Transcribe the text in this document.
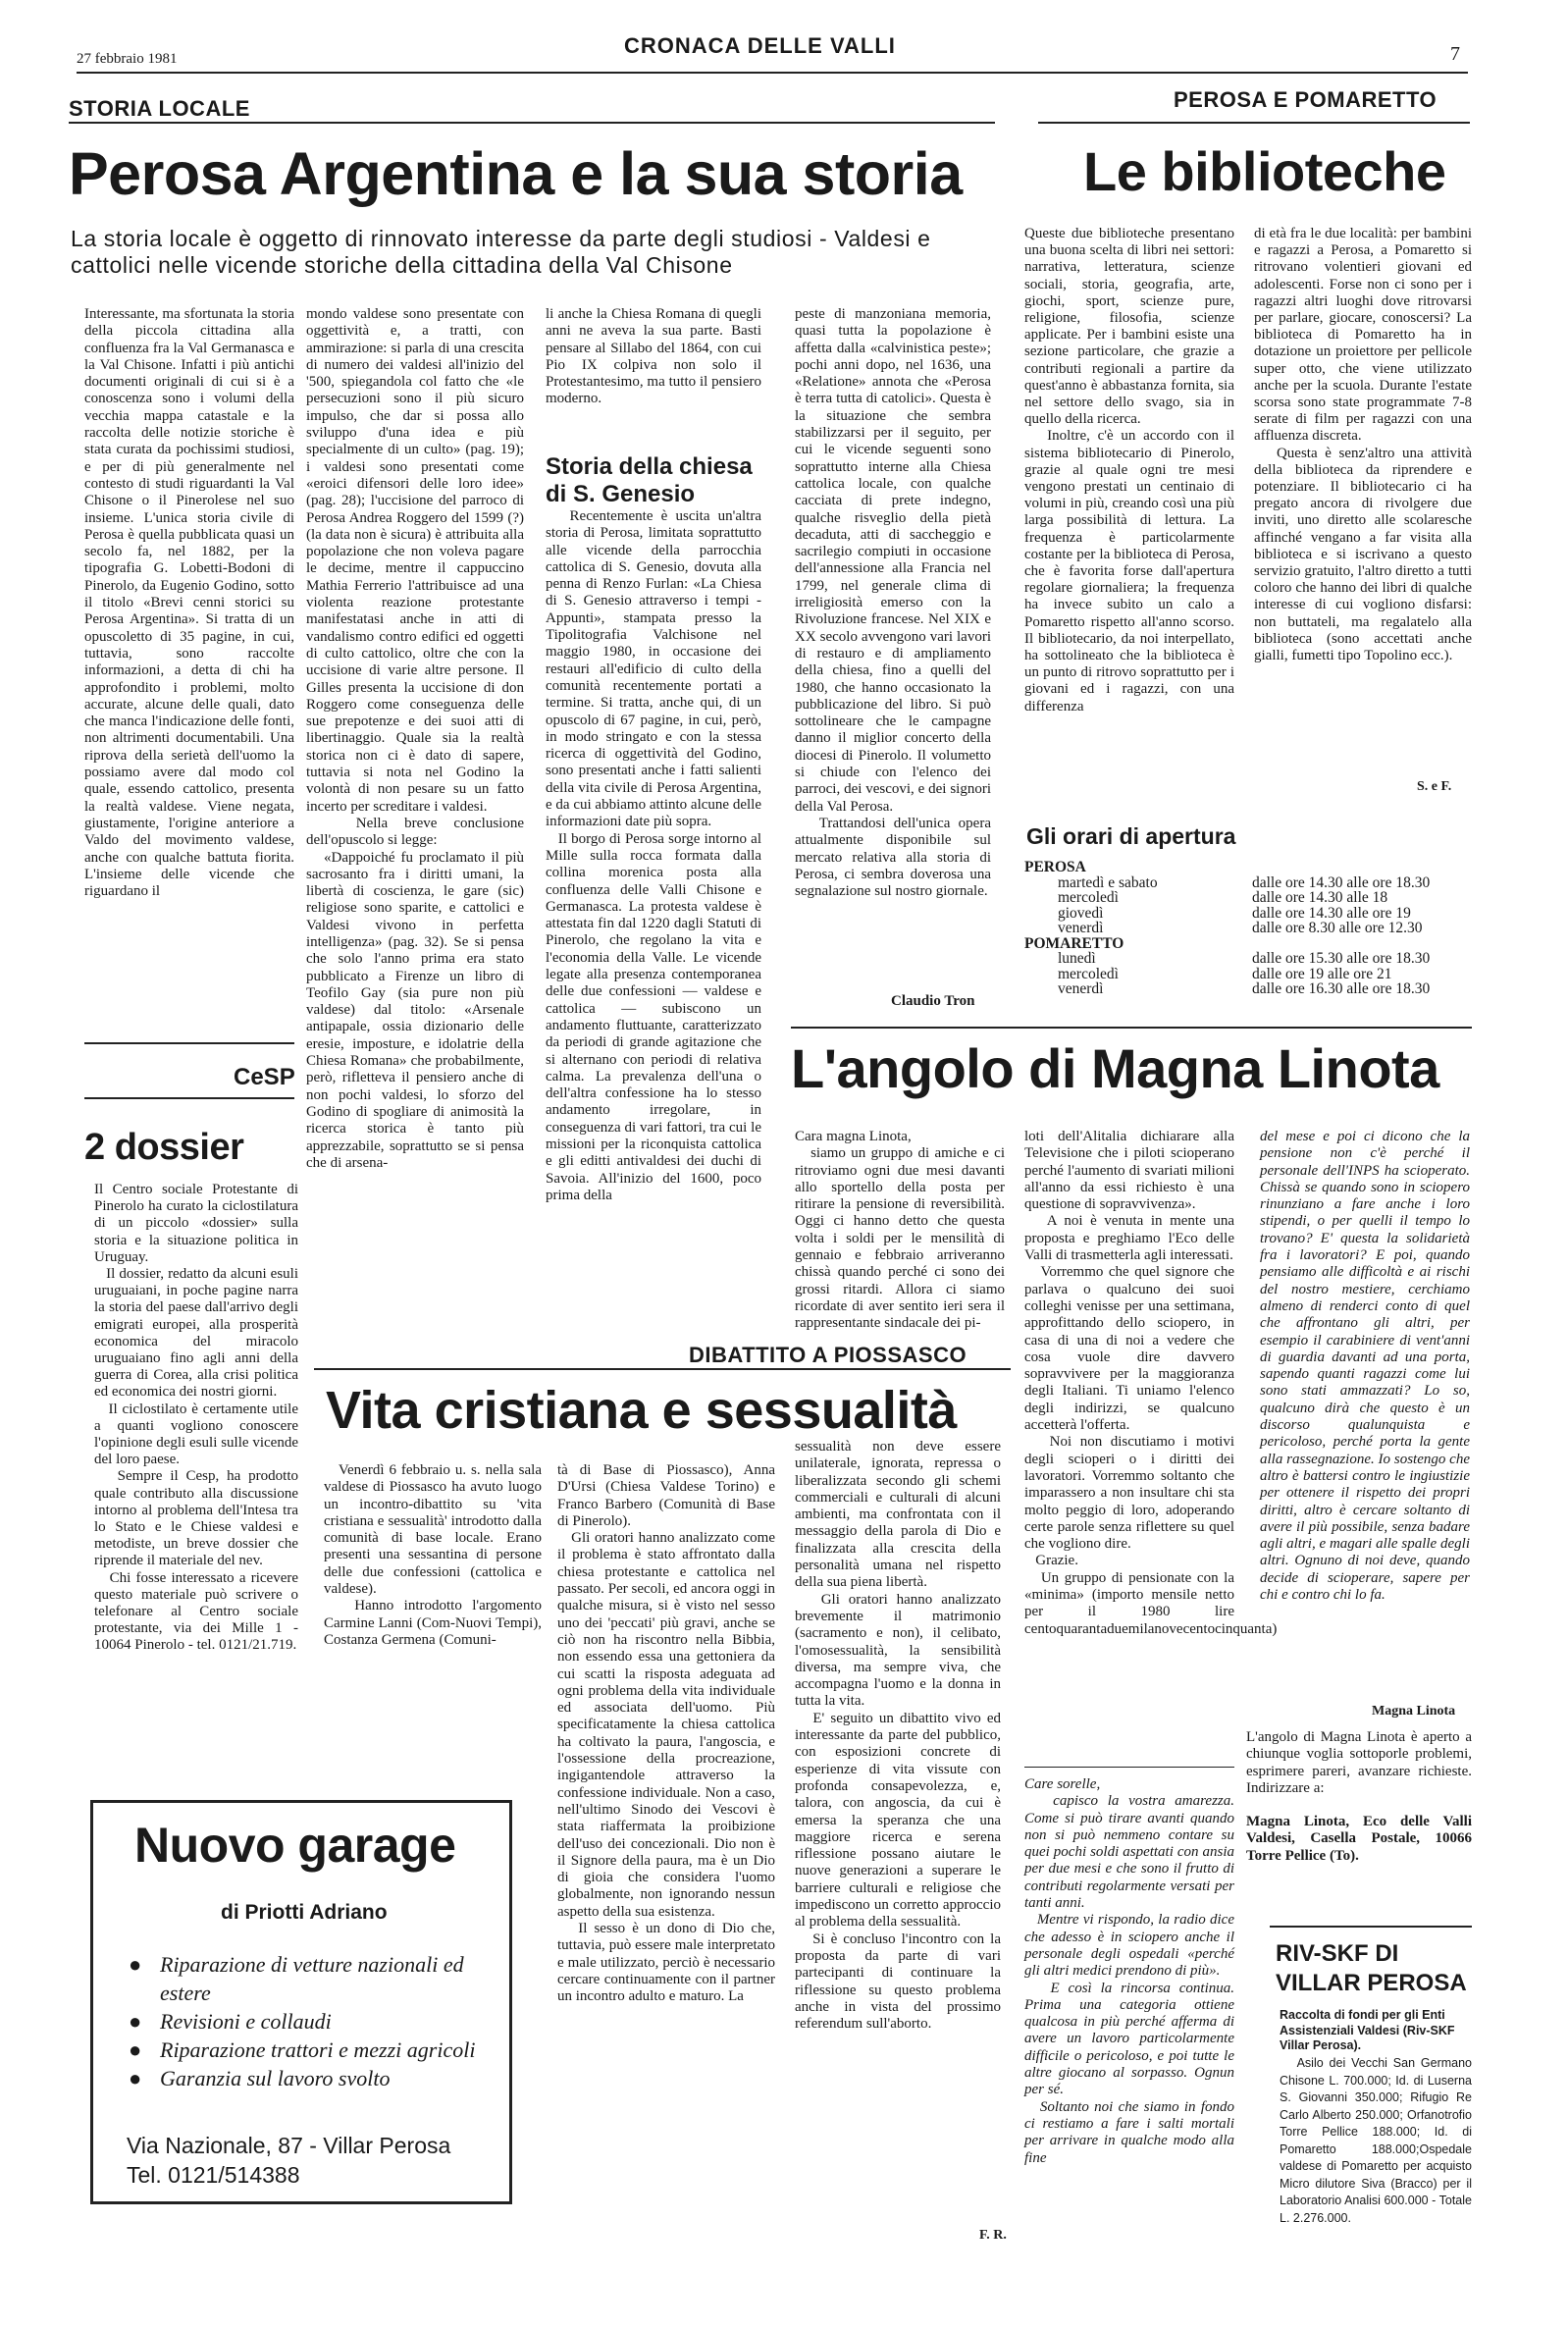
27 febbraio 1981
CRONACA DELLE VALLI	7
STORIA LOCALE	PEROSA E POMARETTO
Perosa Argentina e la sua storia
La storia locale è oggetto di rinnovato interesse da parte degli studiosi - Valdesi e cattolici nelle vicende storiche della cittadina della Val Chisone
Interessante, ma sfortunata la storia della piccola cittadina alla confluenza fra la Val Germanasca e la Val Chisone. Infatti i più antichi documenti originali di cui si è a conoscenza sono i volumi della vecchia mappa catastale e la raccolta delle notizie storiche è stata curata da pochissimi studiosi, e per di più generalmente nel contesto di studi riguardanti la Val Chisone o il Pinerolese nel suo insieme. L'unica storia civile di Perosa è quella pubblicata quasi un secolo fa, nel 1882, per la tipografia G. Lobetti-Bodoni di Pinerolo, da Eugenio Godino, sotto il titolo «Brevi cenni storici su Perosa Argentina». Si tratta di un opuscoletto di 35 pagine, in cui, tuttavia, sono raccolte informazioni, a detta di chi ha approfondito i problemi, molto accurate, alcune delle quali, dato che manca l'indicazione delle fonti, non altrimenti documentabili. Una riprova della serietà dell'uomo la possiamo avere dal modo col quale, essendo cattolico, presenta la realtà valdese. Viene negata, giustamente, l'origine anteriore a Valdo del movimento valdese, anche con qualche battuta fiorita. L'insieme delle vicende che riguardano il
mondo valdese sono presentate con oggettività e, a tratti, con ammirazione: si parla di una crescita di numero dei valdesi all'inizio del '500, spiegandola col fatto che «le persecuzioni sono il più sicuro impulso, che dar si possa allo sviluppo d'una idea e più specialmente di un culto» (pag. 19); i valdesi sono presentati come «eroici difensori delle loro idee» (pag. 28); l'uccisione del parroco di Perosa Andrea Roggero del 1599 (?) (la data non è sicura) è attribuita alla popolazione che non voleva pagare le decime, mentre il cappuccino Mathia Ferrerio l'attribuisce ad una violenta reazione protestante manifestatasi anche in atti di vandalismo contro edifici ed oggetti di culto cattolico, oltre che con la uccisione di varie altre persone. Il Gilles presenta la uccisione di don Roggero come conseguenza delle sue prepotenze e dei suoi atti di libertinaggio. Quale sia la realtà storica non ci è dato di sapere, tuttavia si nota nel Godino la volontà di non pesare su un fatto incerto per screditare i valdesi.
Nella breve conclusione dell'opuscolo si legge:
«Dappoiché fu proclamato il più sacrosanto fra i diritti umani, la libertà di coscienza, le gare (sic) religiose sono sparite, e cattolici e Valdesi vivono in perfetta intelligenza» (pag. 32). Se si pensa che solo l'anno prima era stato pubblicato a Firenze un libro di Teofilo Gay (sia pure non più valdese) dal titolo: «Arsenale antipapale, ossia dizionario delle eresie, imposture, e idolatrie della Chiesa Romana» che probabilmente, però, rifletteva il pensiero anche di non pochi valdesi, lo sforzo del Godino di spogliare di animosità la ricerca storica è tanto più apprezzabile, soprattutto se si pensa che di arsena-
li anche la Chiesa Romana di quegli anni ne aveva la sua parte. Basti pensare al Sillabo del 1864, con cui Pio IX colpiva non solo il Protestantesimo, ma tutto il pensiero moderno.
Storia della chiesa di S. Genesio
Recentemente è uscita un'altra storia di Perosa, limitata soprattutto alle vicende della parrocchia cattolica di S. Genesio, dovuta alla penna di Renzo Furlan: «La Chiesa di S. Genesio attraverso i tempi - Appunti», stampata presso la Tipolitografia Valchisone nel maggio 1980, in occasione dei restauri all'edificio di culto della comunità recentemente portati a termine. Si tratta, anche qui, di un opuscolo di 67 pagine, in cui, però, in modo stringato e con la stessa ricerca di oggettività del Godino, sono presentati anche i fatti salienti della vita civile di Perosa Argentina, e da cui abbiamo attinto alcune delle informazioni date più sopra.
Il borgo di Perosa sorge intorno al Mille sulla rocca formata dalla collina morenica posta alla confluenza delle Valli Chisone e Germanasca. La protestа valdese è attestata fin dal 1220 dagli Statuti di Pinerolo, che regolano la vita e l'economia della Valle. Le vicende legate alla presenza contemporanea delle due confessioni — valdese e cattolica — subiscono un andamento fluttuante, caratterizzato da periodi di grande agitazione che si alternano con periodi di relativa calma. La prevalenza dell'una o dell'altra confessione ha lo stesso andamento irregolare, in conseguenza di vari fattori, tra cui le missioni per la riconquista cattolica e gli editti antivaldesi dei duchi di Savoia. All'inizio del 1600, poco prima della
peste di manzoniana memoria, quasi tutta la popolazione è affetta dalla «calvinistica peste»; pochi anni dopo, nel 1636, una «Relatione» annota che «Perosa è terra tutta di catolici». Questa è la situazione che sembra stabilizzarsi per il seguito, per cui le vicende seguenti sono soprattutto interne alla Chiesa cattolica locale, con qualche cacciata di prete indegno, qualche risveglio della pietà decaduta, atti di saccheggio e sacrilegio compiuti in occasione dell'annessione alla Francia nel 1799, nel generale clima di irreligiosità emerso con la Rivoluzione francese. Nel XIX e XX secolo avvengono vari lavori di restauro e di ampliamento della chiesa, fino a quelli del 1980, che hanno occasionato la pubblicazione del libro. Si può sottolineare che le campagne danno il miglior concerto della diocesi di Pinerolo. Il volumetto si chiude con l'elenco dei parroci, dei vescovi, e dei signori della Val Perosa.
Trattandosi dell'unica opera attualmente disponibile sul mercato relativa alla storia di Perosa, ci sembra doverosa una segnalazione sul nostro giornale.
Claudio Tron
Le biblioteche
Queste due biblioteche presentano una buona scelta di libri nei settori: narrativa, letteratura, scienze sociali, storia, geografia, arte, giochi, sport, scienze pure, religione, filosofia, scienze applicate. Per i bambini esiste una sezione particolare, che grazie a contributi regionali a partire da quest'anno è abbastanza fornita, sia nel settore dello svago, sia in quello della ricerca.
Inoltre, c'è un accordo con il sistema bibliotecario di Pinerolo, grazie al quale ogni tre mesi vengono prestati un centinaio di volumi in più, creando così una più larga possibilità di lettura. La frequenza è particolarmente costante per la biblioteca di Perosa, che è favorita forse dall'apertura regolare giornaliera; la frequenza ha invece subito un calo a Pomaretto rispetto all'anno scorso. Il bibliotecario, da noi interpellato, ha sottolineato che la biblioteca è un punto di ritrovo soprattutto per i giovani ed i ragazzi, con una differenza
di età fra le due località: per bambini e ragazzi a Perosa, a Pomaretto si ritrovano volentieri giovani ed adolescenti. Forse non ci sono per i ragazzi altri luoghi dove ritrovarsi per parlare, giocare, conoscersi? La biblioteca di Pomaretto ha in dotazione un proiettore per pellicole super otto, che viene utilizzato anche per la scuola. Durante l'estate scorsa sono state programmate 7-8 serate di film per ragazzi con una affluenza discreta.
Questa è senz'altro una attività della biblioteca da riprendere e potenziare. Il bibliotecario ci ha pregato ancora di rivolgere due inviti, uno diretto alle scolaresche affinché vengano a far visita alla biblioteca e si iscrivano a questo servizio gratuito, l'altro diretto a tutti coloro che hanno dei libri di qualche interesse di cui vogliono disfarsi: non buttateli, ma regalatelo alla biblioteca (sono accettati anche gialli, fumetti tipo Topolino ecc.).
S. e F.
Gli orari di apertura
PEROSA
martedì e sabato	dalle ore 14.30 alle ore 18.30
mercoledì	dalle ore 14.30 alle 18
giovedì	dalle ore 14.30 alle ore 19
venerdì	dalle ore 8.30 alle ore 12.30
POMARETTO
lunedì	dalle ore 15.30 alle ore 18.30
mercoledì	dalle ore 19 alle ore 21
venerdì	dalle ore 16.30 alle ore 18.30
CeSP
2 dossier
Il Centro sociale Protestante di Pinerolo ha curato la ciclostilatura di un piccolo «dossier» sulla storia e la situazione politica in Uruguay.
Il dossier, redatto da alcuni esuli uruguaiani, in poche pagine narra la storia del paese dall'arrivo degli emigrati europei, alla prosperità economica del miracolo uruguaiano fino agli anni della guerra di Corea, alla crisi politica ed economica dei nostri giorni.
Il ciclostilato è certamente utile a quanti vogliono conoscere l'opinione degli esuli sulle vicende del loro paese.
Sempre il Cesp, ha prodotto quale contributo alla discussione intorno al problema dell'Intesa tra lo Stato e le Chiese valdesi e metodiste, un breve dossier che riprende il materiale del nev.
Chi fosse interessato a ricevere questo materiale può scrivere o telefonare al Centro sociale protestante, via dei Mille 1 - 10064 Pinerolo - tel. 0121/21.719.
Nuovo garage
di Priotti Adriano
● Riparazione di vetture nazionali ed estere
● Revisioni e collaudi
● Riparazione trattori e mezzi agricoli
● Garanzia sul lavoro svolto
Via Nazionale, 87 - Villar Perosa
Tel. 0121/514388
DIBATTITO A PIOSSASCO
Vita cristiana e sessualità
Venerdì 6 febbraio u. s. nella sala valdese di Piossasco ha avuto luogo un incontro-dibattito su 'vita cristiana e sessualità' introdotto dalla comunità di base locale. Erano presenti una sessantina di persone delle due confessioni (cattolica e valdese).
Hanno introdotto l'argomento Carmine Lanni (Com-Nuovi Tempi), Costanza Germena (Comuni-
tà di Base di Piossasco), Anna D'Ursi (Chiesa Valdese Torino) e Franco Barbero (Comunità di Base di Pinerolo).
Gli oratori hanno analizzato come il problema è stato affrontato dalla chiesa protestante e cattolica nel passato. Per secoli, ed ancora oggi in qualche misura, si è visto nel sesso uno dei 'peccati' più gravi, anche se ciò non ha riscontro nella Bibbia, non essendo essa una gettoniera da cui scatti la risposta adeguata ad ogni problema della vita individuale ed associata dell'uomo. Più specificatamente la chiesa cattolica ha coltivato la paura, l'angoscia, e l'ossessione della procreazione, ingigantendole attraverso la confessione individuale. Non a caso, nell'ultimo Sinodo dei Vescovi è stata riaffermata la proibizione dell'uso dei concezionali. Dio non è il Signore della paura, ma è un Dio di gioia che considera l'uomo globalmente, non ignorando nessun aspetto della sua esistenza.
Il sesso è un dono di Dio che, tuttavia, può essere male interpretato e male utilizzato, perciò è necessario cercare continuamente con il partner un incontro adulto e maturo. La
sessualità non deve essere unilaterale, ignorata, repressa o liberalizzata secondo gli schemi commerciali e culturali di alcuni ambienti, ma confrontata con il messaggio della parola di Dio e finalizzata alla crescita della personalità umana nel rispetto della sua piena libertà.
Gli oratori hanno analizzato brevemente il matrimonio (sacramento e non), il celibato, l'omosessualità, la sensibilità diversa, ma sempre viva, che accompagna l'uomo e la donna in tutta la vita.
E' seguito un dibattito vivo ed interessante da parte del pubblico, con esposizioni concrete di esperienze di vita vissute con profonda consapevolezza, e, talora, con angoscia, da cui è emersa la speranza che una maggiore ricerca e serena riflessione possano aiutare le nuove generazioni a superare le barriere culturali e religiose che impediscono un corretto approccio al problema della sessualità.
Si è concluso l'incontro con la proposta da parte di vari partecipanti di continuare la riflessione su questo problema anche in vista del prossimo referendum sull'aborto.
F. R.
L'angolo di Magna Linota
Cara magna Linota,
siamo un gruppo di amiche e ci ritroviamo ogni due mesi davanti allo sportello della posta per ritirare la pensione di reversibilità. Oggi ci hanno detto che questa volta i soldi per le mensilità di gennaio e febbraio arriveranno chissà quando perché ci sono dei grossi ritardi. Allora ci siamo ricordate di aver sentito ieri sera il rappresentante sindacale dei pi-
loti dell'Alitalia dichiarare alla Televisione che i piloti scioperano perché l'aumento di svariati milioni all'anno da essi richiesto è una questione di sopravvivenza».
A noi è venuta in mente una proposta e preghiamo l'Eco delle Valli di trasmetterla agli interessati.
Vorremmo che quel signore che parlava o qualcuno dei suoi colleghi venisse per una settimana, approfittando dello sciopero, in casa di una di noi a vedere che cosa vuole dire davvero sopravvivere per la maggioranza degli Italiani. Ti uniamo l'elenco degli indirizzi, se qualcuno accetterà l'offerta.
Noi non discutiamo i motivi degli scioperi o i diritti dei lavoratori. Vorremmo soltanto che imparassero a non insultare chi sta molto peggio di loro, adoperando certe parole senza riflettere su quel che vogliono dire.
Grazie.
Un gruppo di pensionate con la «minima» (importo mensile netto per il 1980 lire centoquarantaduemilanovecentocinquanta)
Care sorelle,
capisco la vostra amarezza. Come si può tirare avanti quando non si può nemmeno contare su quei pochi soldi aspettati con ansia per due mesi e che sono il frutto di contributi regolarmente versati per tanti anni.
Mentre vi rispondo, la radio dice che adesso è in sciopero anche il personale degli ospedali «perché gli altri medici prendono di più».
E così la rincorsa continua. Prima una categoria ottiene qualcosa in più perché afferma di avere un lavoro particolarmente difficile o pericoloso, e poi tutte le altre giocano al sorpasso. Ognun per sé.
Soltanto noi che siamo in fondo ci restiamo a fare i salti mortali per arrivare in qualche modo alla fine
del mese e poi ci dicono che la pensione non c'è perché il personale dell'INPS ha scioperato. Chissà se quando sono in sciopero rinunziano a fare anche i loro stipendi, o per quelli il tempo lo trovano? E' questa la solidarietà fra i lavoratori? E poi, quando pensiamo alle difficoltà e ai rischi del nostro mestiere, cerchiamo almeno di renderci conto di quel che affrontano gli altri, per esempio il carabiniere di vent'anni di guardia davanti ad una porta, sapendo quanti ragazzi come lui sono stati ammazzati? Lo so, qualcuno dirà che questo è un discorso qualunquista e pericoloso, perché porta la gente alla rassegnazione. Io sostengo che altro è battersi contro le ingiustizie per ottenere il rispetto dei propri diritti, altro è cercare soltanto di avere il più possibile, senza badare agli altri, e magari alle spalle degli altri. Ognuno di noi deve, quando decide di scioperare, sapere per chi e contro chi lo fa.
Magna Linota
L'angolo di Magna Linota è aperto a chiunque voglia sottoporle problemi, esprimere pareri, avanzare richieste. Indirizzare a:
Magna Linota, Eco delle Valli Valdesi, Casella Postale, 10066 Torre Pellice (To).
RIV-SKF DI VILLAR PEROSA
Raccolta di fondi per gli Enti Assistenziali Valdesi (Riv-SKF Villar Perosa).
Asilo dei Vecchi San Germano Chisone L. 700.000; Id. di Luserna S. Giovanni 350.000; Rifugio Re Carlo Alberto 250.000; Orfanotrofio Torre Pellice 188.000; Id. di Pomaretto 188.000;Ospedale valdese di Pomaretto per acquisto Micro dilutore Siva (Bracco) per il Laboratorio Analisi 600.000 - Totale L. 2.276.000.
